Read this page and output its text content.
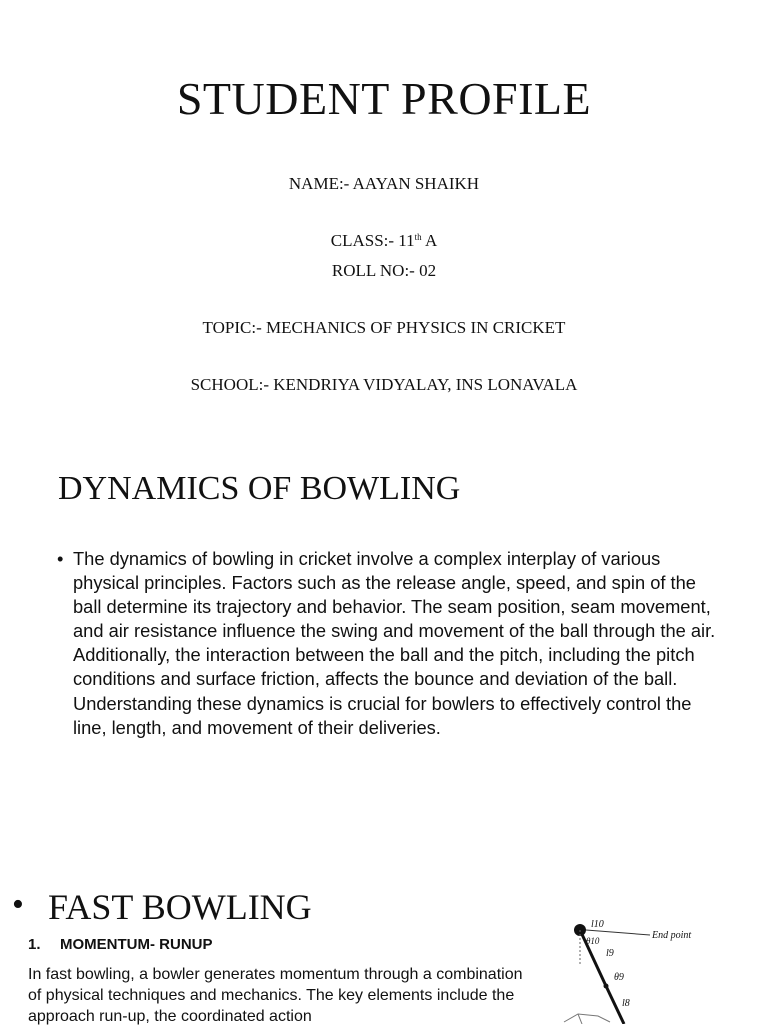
STUDENT PROFILE
NAME:- AAYAN SHAIKH
CLASS:- 11th A
ROLL NO:- 02
TOPIC:- MECHANICS OF PHYSICS IN CRICKET
SCHOOL:- KENDRIYA VIDYALAY, INS LONAVALA
DYNAMICS OF BOWLING
• The dynamics of bowling in cricket involve a complex interplay of various physical principles. Factors such as the release angle, speed, and spin of the ball determine its trajectory and behavior. The seam position, seam movement, and air resistance influence the swing and movement of the ball through the air. Additionally, the interaction between the ball and the pitch, including the pitch conditions and surface friction, affects the bounce and deviation of the ball. Understanding these dynamics is crucial for bowlers to effectively control the line, length, and movement of their deliveries.
• FAST BOWLING
1. MOMENTUM- RUNUP
In fast bowling, a bowler generates momentum through a combination of physical techniques and mechanics. The key elements include the approach run-up, the coordinated action
End point
l10
θ10
l9
θ9
l8
